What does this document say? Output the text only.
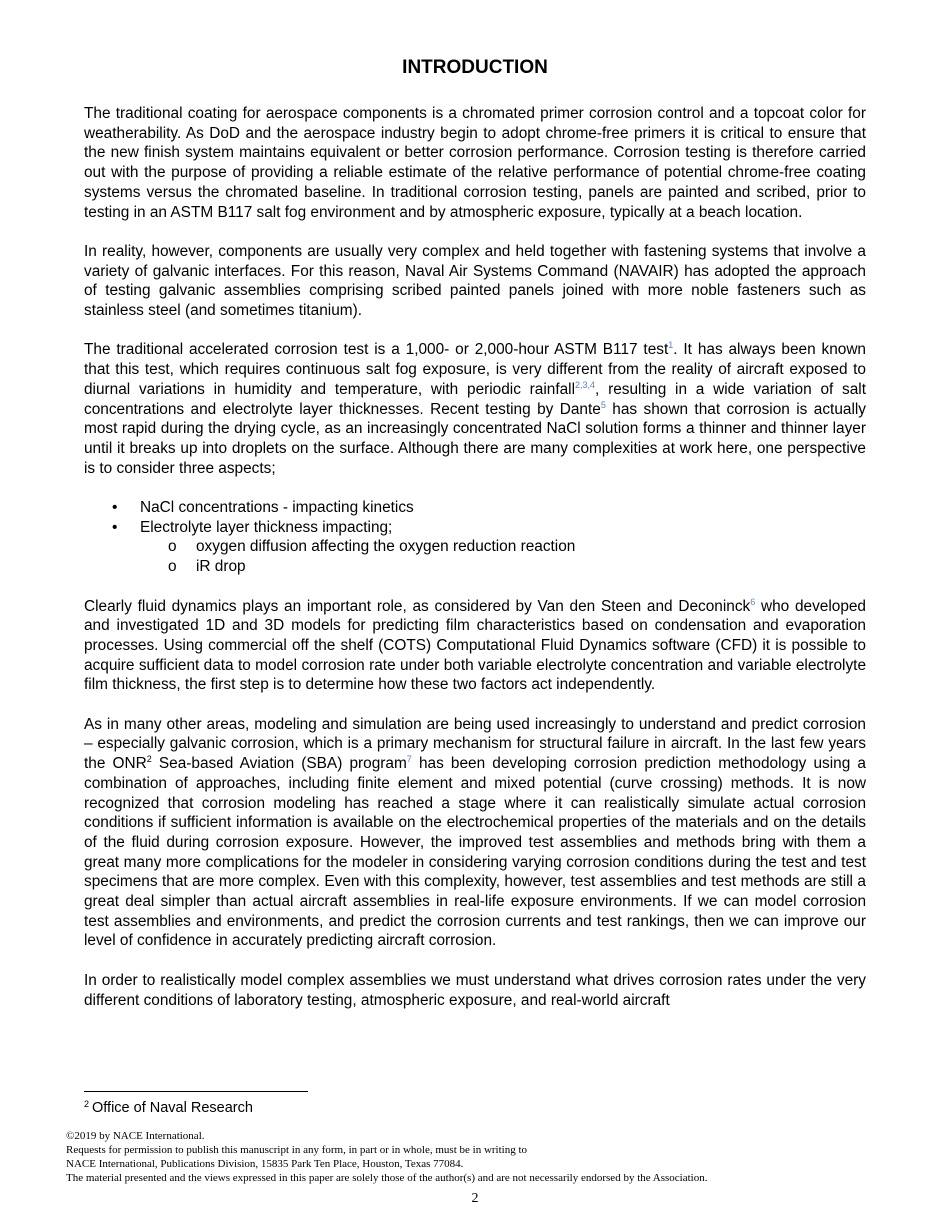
INTRODUCTION

The traditional coating for aerospace components is a chromated primer corrosion control and a topcoat color for weatherability. As DoD and the aerospace industry begin to adopt chrome-free primers it is critical to ensure that the new finish system maintains equivalent or better corrosion performance. Corrosion testing is therefore carried out with the purpose of providing a reliable estimate of the relative performance of potential chrome-free coating systems versus the chromated baseline. In traditional corrosion testing, panels are painted and scribed, prior to testing in an ASTM B117 salt fog environment and by atmospheric exposure, typically at a beach location.

In reality, however, components are usually very complex and held together with fastening systems that involve a variety of galvanic interfaces. For this reason, Naval Air Systems Command (NAVAIR) has adopted the approach of testing galvanic assemblies comprising scribed painted panels joined with more noble fasteners such as stainless steel (and sometimes titanium).

The traditional accelerated corrosion test is a 1,000- or 2,000-hour ASTM B117 test$^1$. It has always been known that this test, which requires continuous salt fog exposure, is very different from the reality of aircraft exposed to diurnal variations in humidity and temperature, with periodic rainfall$^{2,3,4}$, resulting in a wide variation of salt concentrations and electrolyte layer thicknesses. Recent testing by Dante$^5$ has shown that corrosion is actually most rapid during the drying cycle, as an increasingly concentrated NaCl solution forms a thinner and thinner layer until it breaks up into droplets on the surface. Although there are many complexities at work here, one perspective is to consider three aspects;

• NaCl concentrations - impacting kinetics
• Electrolyte layer thickness impacting;
o oxygen diffusion affecting the oxygen reduction reaction
o iR drop

Clearly fluid dynamics plays an important role, as considered by Van den Steen and Deconinck$^6$ who developed and investigated 1D and 3D models for predicting film characteristics based on condensation and evaporation processes. Using commercial off the shelf (COTS) Computational Fluid Dynamics software (CFD) it is possible to acquire sufficient data to model corrosion rate under both variable electrolyte concentration and variable electrolyte film thickness, the first step is to determine how these two factors act independently.

As in many other areas, modeling and simulation are being used increasingly to understand and predict corrosion – especially galvanic corrosion, which is a primary mechanism for structural failure in aircraft. In the last few years the ONR$^2$ Sea-based Aviation (SBA) program$^7$ has been developing corrosion prediction methodology using a combination of approaches, including finite element and mixed potential (curve crossing) methods. It is now recognized that corrosion modeling has reached a stage where it can realistically simulate actual corrosion conditions if sufficient information is available on the electrochemical properties of the materials and on the details of the fluid during corrosion exposure. However, the improved test assemblies and methods bring with them a great many more complications for the modeler in considering varying corrosion conditions during the test and test specimens that are more complex. Even with this complexity, however, test assemblies and test methods are still a great deal simpler than actual aircraft assemblies in real-life exposure environments. If we can model corrosion test assemblies and environments, and predict the corrosion currents and test rankings, then we can improve our level of confidence in accurately predicting aircraft corrosion.

In order to realistically model complex assemblies we must understand what drives corrosion rates under the very different conditions of laboratory testing, atmospheric exposure, and real-world aircraft

$^2$ Office of Naval Research
©2019 by NACE International.
Requests for permission to publish this manuscript in any form, in part or in whole, must be in writing to
NACE International, Publications Division, 15835 Park Ten Place, Houston, Texas 77084.
The material presented and the views expressed in this paper are solely those of the author(s) and are not necessarily endorsed by the Association.
2
